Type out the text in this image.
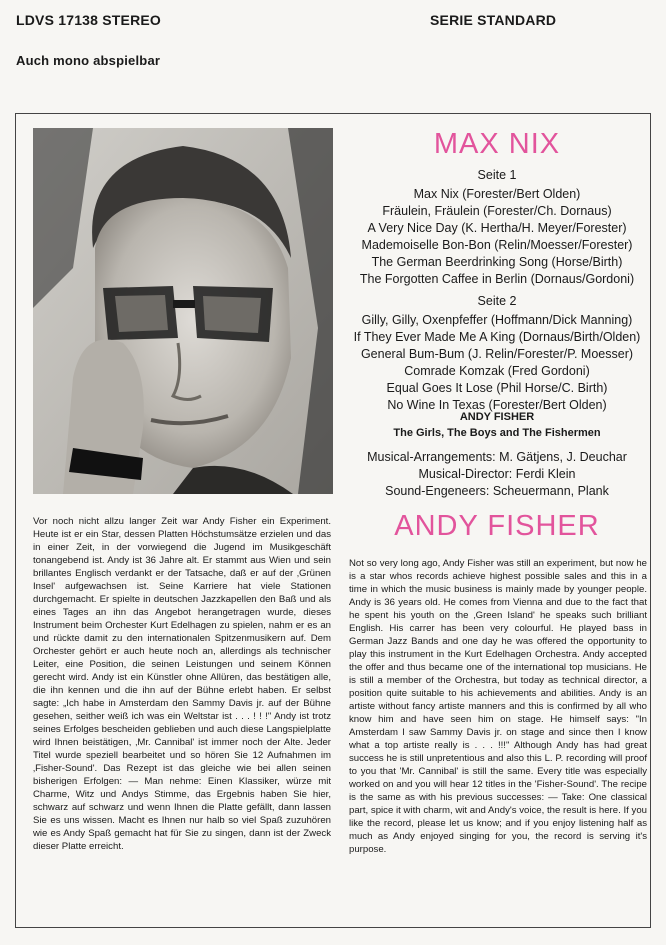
LDVS 17138 STEREO	SERIE STANDARD
Auch mono abspielbar
MAX NIX
Seite 1
Max Nix (Forester/Bert Olden)
Fräulein, Fräulein (Forester/Ch. Dornaus)
A Very Nice Day (K. Hertha/H. Meyer/Forester)
Mademoiselle Bon-Bon (Relin/Moesser/Forester)
The German Beerdrinking Song (Horse/Birth)
The Forgotten Caffee in Berlin (Dornaus/Gordoni)
Seite 2
Gilly, Gilly, Oxenpfeffer (Hoffmann/Dick Manning)
If They Ever Made Me A King (Dornaus/Birth/Olden)
General Bum-Bum (J. Relin/Forester/P. Moesser)
Comrade Komzak (Fred Gordoni)
Equal Goes It Lose (Phil Horse/C. Birth)
No Wine In Texas (Forester/Bert Olden)
ANDY FISHER
The Girls, The Boys and The Fishermen
Musical-Arrangements: M. Gätjens, J. Deuchar
Musical-Director: Ferdi Klein
Sound-Engeneers: Scheuermann, Plank
ANDY FISHER

Vor noch nicht allzu langer Zeit war Andy Fisher ein Experiment. Heute ist er ein Star, dessen Platten Höchstumsätze erzielen und das in einer Zeit, in der vorwiegend die Jugend im Musikgeschäft tonangebend ist. Andy ist 36 Jahre alt. Er stammt aus Wien und sein brillantes Englisch verdankt er der Tatsache, daß er auf der ‚Grünen Insel' aufgewachsen ist. Seine Karriere hat viele Stationen durchgemacht. Er spielte in deutschen Jazzkapellen den Baß und als eines Tages an ihn das Angebot herangetragen wurde, dieses Instrument beim Orchester Kurt Edelhagen zu spielen, nahm er es an und rückte damit zu den internationalen Spitzenmusikern auf. Dem Orchester gehört er auch heute noch an, allerdings als technischer Leiter, eine Position, die seinen Leistungen und seinem Können gerecht wird. Andy ist ein Künstler ohne Allüren, das bestätigen alle, die ihn kennen und die ihn auf der Bühne erlebt haben. Er selbst sagte: „Ich habe in Amsterdam den Sammy Davis jr. auf der Bühne gesehen, seither weiß ich was ein Weltstar ist . . . ! ! !" Andy ist trotz seines Erfolges bescheiden geblieben und auch diese Langspielplatte wird Ihnen beistätigen, ‚Mr. Cannibal' ist immer noch der Alte. Jeder Titel wurde speziell bearbeitet und so hören Sie 12 Aufnahmen im ‚Fisher-Sound'. Das Rezept ist das gleiche wie bei allen seinen bisherigen Erfolgen: — Man nehme: Einen Klassiker, würze mit Charme, Witz und Andys Stimme, das Ergebnis haben Sie hier, schwarz auf schwarz und wenn Ihnen die Platte gefällt, dann lassen Sie es uns wissen. Macht es Ihnen nur halb so viel Spaß zuzuhören wie es Andy Spaß gemacht hat für Sie zu singen, dann ist der Zweck dieser Platte erreicht.

Not so very long ago, Andy Fisher was still an experiment, but now he is a star whos records achieve highest possible sales and this in a time in which the music business is mainly made by younger people. Andy is 36 years old. He comes from Vienna and due to the fact that he spent his youth on the ‚Green Island' he speaks such brilliant English. His carrer has been very colourful. He played bass in German Jazz Bands and one day he was offered the opportunity to play this instrument in the Kurt Edelhagen Orchestra. Andy accepted the offer and thus became one of the international top musicians. He is still a member of the Orchestra, but today as technical director, a position quite suitable to his achievements and abilities. Andy is an artiste without fancy artiste manners and this is confirmed by all who know him and have seen him on stage. He himself says: "In Amsterdam I saw Sammy Davis jr. on stage and since then I know what a top artiste really is . . . !!!" Although Andy has had great success he is still unpretentious and also this L. P. recording will proof to you that 'Mr. Cannibal' is still the same. Every title was especially worked on and you will hear 12 titles in the 'Fisher-Sound'. The recipe is the same as with his previous successes: — Take: One classical part, spice it with charm, wit and Andy's voice, the result is here. If you like the record, please let us know; and if you enjoy listening half as much as Andy enjoyed singing for you, the record is serving it's purpose.
